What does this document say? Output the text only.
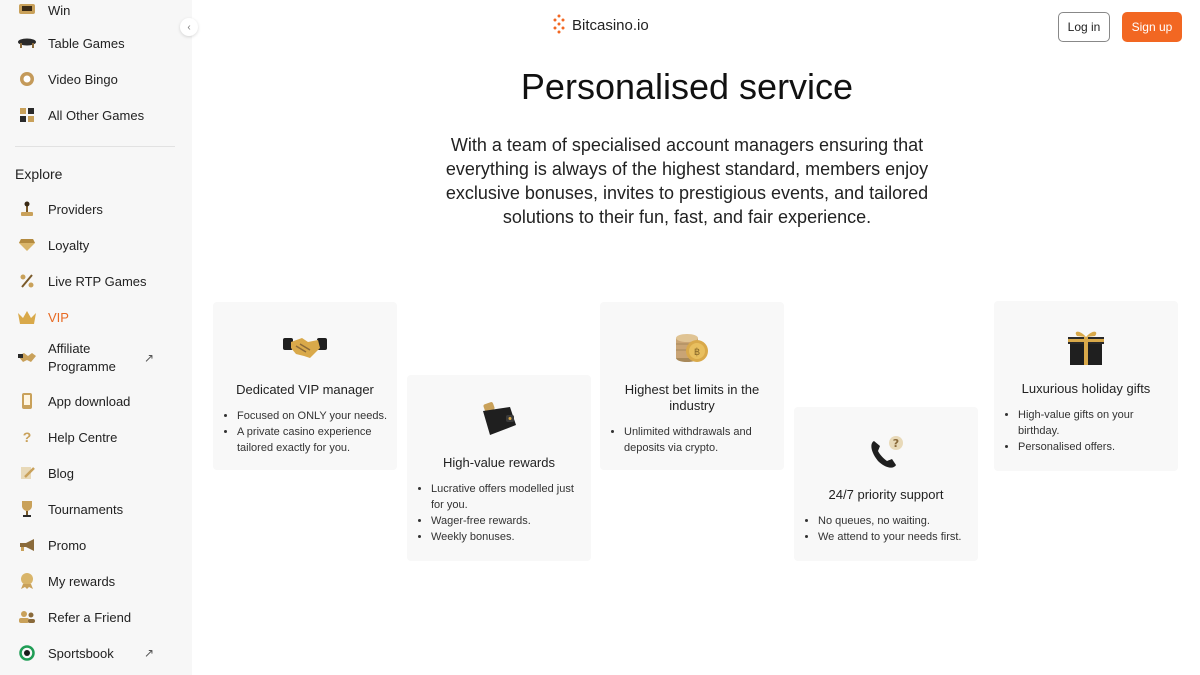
Win
Table Games
Video Bingo
All Other Games
Explore
Providers
Loyalty
Live RTP Games
VIP
Affiliate Programme
↗
App download
?	Help Centre
Blog
Tournaments
Promo
My rewards
Refer a Friend
Sportsbook	↗
‹	Bitcasino.io	Log in	Sign up
Personalised service
With a team of specialised account managers ensuring that everything is always of the highest standard, members enjoy exclusive bonuses, invites to prestigious events, and tailored solutions to their fun, fast, and fair experience.
Dedicated VIP manager
• Focused on ONLY your needs.
• A private casino experience tailored exactly for you.
High-value rewards
• Lucrative offers modelled just for you.
• Wager-free rewards.
• Weekly bonuses.
฿
Highest bet limits in the industry
• Unlimited withdrawals and deposits via crypto.	?
24/7 priority support
• No queues, no waiting.
• We attend to your needs first.
Luxurious holiday gifts
• High-value gifts on your birthday.
• Personalised offers.
